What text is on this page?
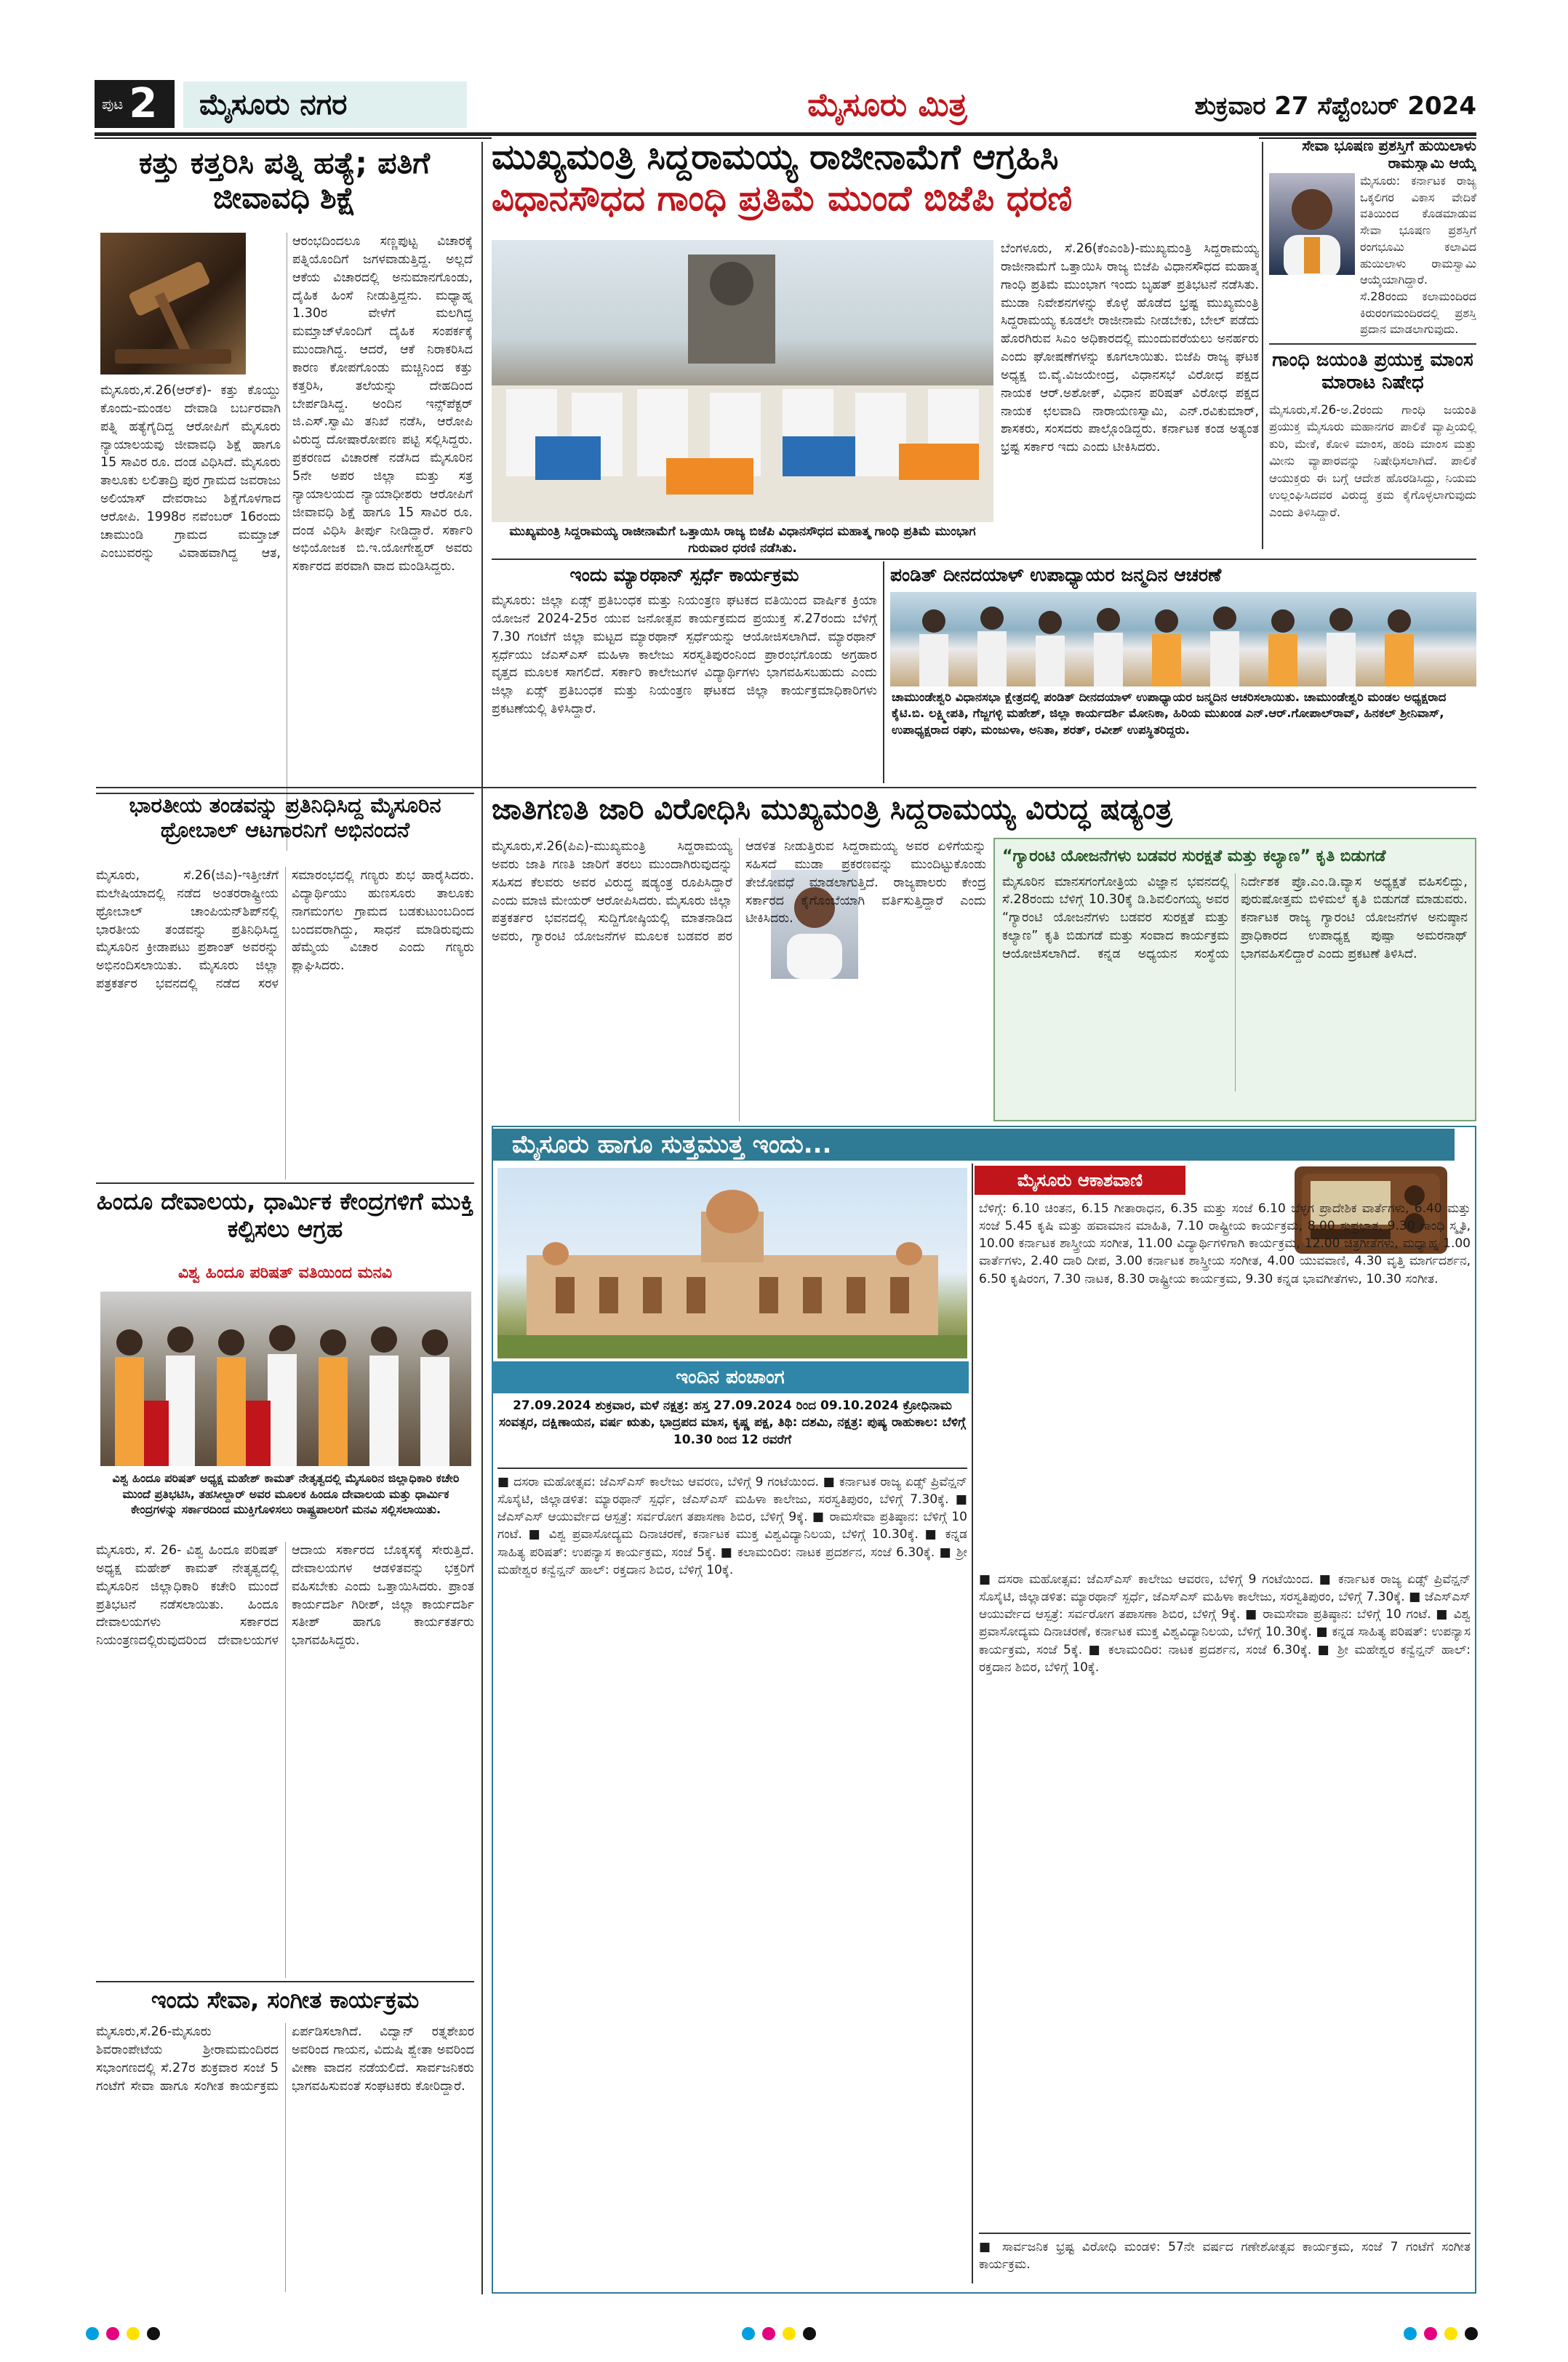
ಪುಟ 2	ಮೈಸೂರು ನಗರ	ಮೈಸೂರು ಮಿತ್ರ	ಶುಕ್ರವಾರ 27 ಸೆಪ್ಟೆಂಬರ್ 2024
ಕತ್ತು ಕತ್ತರಿಸಿ ಪತ್ನಿ ಹತ್ಯೆ; ಪತಿಗೆ ಜೀವಾವಧಿ ಶಿಕ್ಷೆ
ಮೈಸೂರು,ಸೆ.26(ಆರ್‌ಕೆ)- ಕತ್ತು ಕೊಯ್ದು ಕೊಂದು-ಮಂಡಲ ದೇವಾಡಿ ಬರ್ಬರವಾಗಿ ಪತ್ನಿ ಹತ್ಯೆಗೈದಿದ್ದ ಆರೋಪಿಗೆ ಮೈಸೂರು ನ್ಯಾಯಾಲಯವು ಜೀವಾವಧಿ ಶಿಕ್ಷೆ ಹಾಗೂ 15 ಸಾವಿರ ರೂ. ದಂಡ ವಿಧಿಸಿದೆ. ಮೈಸೂರು ತಾಲೂಕು ಲಲಿತಾದ್ರಿ ಪುರ ಗ್ರಾಮದ ಜವರಾಜು ಅಲಿಯಾಸ್ ದೇವರಾಜು ಶಿಕ್ಷೆಗೊಳಗಾದ ಆರೋಪಿ. 1998ರ ನವೆಂಬರ್ 16ರಂದು ಚಾಮುಂಡಿ ಗ್ರಾಮದ ಮಮ್ತಾಜ್ ಎಂಬುವರನ್ನು ವಿವಾಹವಾಗಿದ್ದ ಆತ, ಆರಂಭದಿಂದಲೂ ಸಣ್ಣಪುಟ್ಟ ವಿಚಾರಕ್ಕೆ ಪತ್ನಿಯೊಂದಿಗೆ ಜಗಳವಾಡುತ್ತಿದ್ದ. ಅಲ್ಲದೆ ಆಕೆಯ ವಿಚಾರದಲ್ಲಿ ಅನುಮಾನಗೊಂಡು, ದೈಹಿಕ ಹಿಂಸೆ ನೀಡುತ್ತಿದ್ದನು. ಮಧ್ಯಾಹ್ನ 1.30ರ ವೇಳೆಗೆ ಮಲಗಿದ್ದ ಮಮ್ತಾಜ್‌ಳೊಂದಿಗೆ ದೈಹಿಕ ಸಂಪರ್ಕಕ್ಕೆ ಮುಂದಾಗಿದ್ದ. ಆದರೆ, ಆಕೆ ನಿರಾಕರಿಸಿದ ಕಾರಣ ಕೋಪಗೊಂಡು ಮಚ್ಚಿನಿಂದ ಕತ್ತು ಕತ್ತರಿಸಿ, ತಲೆಯನ್ನು ದೇಹದಿಂದ ಬೇರ್ಪಡಿಸಿದ್ದ. ಅಂದಿನ ಇನ್ಸ್‌ಪೆಕ್ಟರ್ ಜಿ.ಎಸ್.ಸ್ವಾಮಿ ತನಿಖೆ ನಡೆಸಿ, ಆರೋಪಿ ವಿರುದ್ಧ ದೋಷಾರೋಪಣ ಪಟ್ಟಿ ಸಲ್ಲಿಸಿದ್ದರು. ಪ್ರಕರಣದ ವಿಚಾರಣೆ ನಡೆಸಿದ ಮೈಸೂರಿನ 5ನೇ ಅಪರ ಜಿಲ್ಲಾ ಮತ್ತು ಸತ್ರ ನ್ಯಾಯಾಲಯದ ನ್ಯಾಯಾಧೀಶರು ಆರೋಪಿಗೆ ಜೀವಾವಧಿ ಶಿಕ್ಷೆ ಹಾಗೂ 15 ಸಾವಿರ ರೂ. ದಂಡ ವಿಧಿಸಿ ತೀರ್ಪು ನೀಡಿದ್ದಾರೆ. ಸರ್ಕಾರಿ ಅಭಿಯೋಜಕ ಬಿ.ಇ.ಯೋಗೇಶ್ವರ್ ಅವರು ಸರ್ಕಾರದ ಪರವಾಗಿ ವಾದ ಮಂಡಿಸಿದ್ದರು.
ಮುಖ್ಯಮಂತ್ರಿ ಸಿದ್ದರಾಮಯ್ಯ ರಾಜೀನಾಮೆಗೆ ಆಗ್ರಹಿಸಿ
ವಿಧಾನಸೌಧದ ಗಾಂಧಿ ಪ್ರತಿಮೆ ಮುಂದೆ ಬಿಜೆಪಿ ಧರಣಿ
ಮುಖ್ಯಮಂತ್ರಿ ಸಿದ್ದರಾಮಯ್ಯ ರಾಜೀನಾಮೆಗೆ ಒತ್ತಾಯಿಸಿ ರಾಜ್ಯ ಬಿಜೆಪಿ ವಿಧಾನಸೌಧದ ಮಹಾತ್ಮ ಗಾಂಧಿ ಪ್ರತಿಮೆ ಮುಂಭಾಗ ಗುರುವಾರ ಧರಣಿ ನಡೆಸಿತು.
ಬೆಂಗಳೂರು, ಸೆ.26(ಕೆಂಎಂಶಿ)-ಮುಖ್ಯಮಂತ್ರಿ ಸಿದ್ದರಾಮಯ್ಯ ರಾಜೀನಾಮೆಗೆ ಒತ್ತಾಯಿಸಿ ರಾಜ್ಯ ಬಿಜೆಪಿ ವಿಧಾನಸೌಧದ ಮಹಾತ್ಮ ಗಾಂಧಿ ಪ್ರತಿಮೆ ಮುಂಭಾಗ ಇಂದು ಬೃಹತ್ ಪ್ರತಿಭಟನೆ ನಡೆಸಿತು. ಮುಡಾ ನಿವೇಶನಗಳನ್ನು ಕೊಳ್ಳೆ ಹೊಡೆದ ಭ್ರಷ್ಟ ಮುಖ್ಯಮಂತ್ರಿ ಸಿದ್ದರಾಮಯ್ಯ ಕೂಡಲೇ ರಾಜೀನಾಮೆ ನೀಡಬೇಕು, ಬೇಲ್ ಪಡೆದು ಹೊರಗಿರುವ ಸಿಎಂ ಅಧಿಕಾರದಲ್ಲಿ ಮುಂದುವರೆಯಲು ಅನರ್ಹರು ಎಂದು ಘೋಷಣೆಗಳನ್ನು ಕೂಗಲಾಯಿತು. ಬಿಜೆಪಿ ರಾಜ್ಯ ಘಟಕ ಅಧ್ಯಕ್ಷ ಬಿ.ವೈ.ವಿಜಯೇಂದ್ರ, ವಿಧಾನಸಭೆ ವಿರೋಧ ಪಕ್ಷದ ನಾಯಕ ಆರ್.ಅಶೋಕ್, ವಿಧಾನ ಪರಿಷತ್ ವಿರೋಧ ಪಕ್ಷದ ನಾಯಕ ಛಲವಾದಿ ನಾರಾಯಣಸ್ವಾಮಿ, ಎನ್.ರವಿಕುಮಾರ್, ಶಾಸಕರು, ಸಂಸದರು ಪಾಲ್ಗೊಂಡಿದ್ದರು. ಕರ್ನಾಟಕ ಕಂಡ ಅತ್ಯಂತ ಭ್ರಷ್ಟ ಸರ್ಕಾರ ಇದು ಎಂದು ಟೀಕಿಸಿದರು.
ಸೇವಾ ಭೂಷಣ ಪ್ರಶಸ್ತಿಗೆ ಹುಯಿಲಾಳು ರಾಮಸ್ವಾಮಿ ಆಯ್ಕೆ
ಮೈಸೂರು: ಕರ್ನಾಟಕ ರಾಜ್ಯ ಒಕ್ಕಲಿಗರ ವಿಕಾಸ ವೇದಿಕೆ ವತಿಯಿಂದ ಕೊಡಮಾಡುವ ಸೇವಾ ಭೂಷಣ ಪ್ರಶಸ್ತಿಗೆ ರಂಗಭೂಮಿ ಕಲಾವಿದ ಹುಯಿಲಾಳು ರಾಮಸ್ವಾಮಿ ಆಯ್ಕೆಯಾಗಿದ್ದಾರೆ. ಸೆ.28ರಂದು ಕಲಾಮಂದಿರದ ಕಿರುರಂಗಮಂದಿರದಲ್ಲಿ ಪ್ರಶಸ್ತಿ ಪ್ರದಾನ ಮಾಡಲಾಗುವುದು.
ಗಾಂಧಿ ಜಯಂತಿ ಪ್ರಯುಕ್ತ ಮಾಂಸ ಮಾರಾಟ ನಿಷೇಧ
ಮೈಸೂರು,ಸೆ.26-ಅ.2ರಂದು ಗಾಂಧಿ ಜಯಂತಿ ಪ್ರಯುಕ್ತ ಮೈಸೂರು ಮಹಾನಗರ ಪಾಲಿಕೆ ವ್ಯಾಪ್ತಿಯಲ್ಲಿ ಕುರಿ, ಮೇಕೆ, ಕೋಳಿ ಮಾಂಸ, ಹಂದಿ ಮಾಂಸ ಮತ್ತು ಮೀನು ವ್ಯಾಪಾರವನ್ನು ನಿಷೇಧಿಸಲಾಗಿದೆ. ಪಾಲಿಕೆ ಆಯುಕ್ತರು ಈ ಬಗ್ಗೆ ಆದೇಶ ಹೊರಡಿಸಿದ್ದು, ನಿಯಮ ಉಲ್ಲಂಘಿಸಿದವರ ವಿರುದ್ಧ ಕ್ರಮ ಕೈಗೊಳ್ಳಲಾಗುವುದು ಎಂದು ತಿಳಿಸಿದ್ದಾರೆ.
ಇಂದು ಮ್ಯಾರಥಾನ್ ಸ್ಪರ್ಧೆ ಕಾರ್ಯಕ್ರಮ
ಮೈಸೂರು: ಜಿಲ್ಲಾ ಏಡ್ಸ್ ಪ್ರತಿಬಂಧಕ ಮತ್ತು ನಿಯಂತ್ರಣ ಘಟಕದ ವತಿಯಿಂದ ವಾರ್ಷಿಕ ಕ್ರಿಯಾ ಯೋಜನೆ 2024-25ರ ಯುವ ಜನೋತ್ಸವ ಕಾರ್ಯಕ್ರಮದ ಪ್ರಯುಕ್ತ ಸೆ.27ರಂದು ಬೆಳಿಗ್ಗೆ 7.30 ಗಂಟೆಗೆ ಜಿಲ್ಲಾ ಮಟ್ಟದ ಮ್ಯಾರಥಾನ್ ಸ್ಪರ್ಧೆಯನ್ನು ಆಯೋಜಿಸಲಾಗಿದೆ. ಮ್ಯಾರಥಾನ್ ಸ್ಪರ್ಧೆಯು ಜೆಎಸ್‌ಎಸ್ ಮಹಿಳಾ ಕಾಲೇಜು ಸರಸ್ವತಿಪುರಂನಿಂದ ಪ್ರಾರಂಭಗೊಂಡು ಅಗ್ರಹಾರ ವೃತ್ತದ ಮೂಲಕ ಸಾಗಲಿದೆ. ಸರ್ಕಾರಿ ಕಾಲೇಜುಗಳ ವಿದ್ಯಾರ್ಥಿಗಳು ಭಾಗವಹಿಸಬಹುದು ಎಂದು ಜಿಲ್ಲಾ ಏಡ್ಸ್ ಪ್ರತಿಬಂಧಕ ಮತ್ತು ನಿಯಂತ್ರಣ ಘಟಕದ ಜಿಲ್ಲಾ ಕಾರ್ಯಕ್ರಮಾಧಿಕಾರಿಗಳು ಪ್ರಕಟಣೆಯಲ್ಲಿ ತಿಳಿಸಿದ್ದಾರೆ.
ಪಂಡಿತ್ ದೀನದಯಾಳ್ ಉಪಾಧ್ಯಾಯರ ಜನ್ಮದಿನ ಆಚರಣೆ
ಚಾಮುಂಡೇಶ್ವರಿ ವಿಧಾನಸಭಾ ಕ್ಷೇತ್ರದಲ್ಲಿ ಪಂಡಿತ್ ದೀನದಯಾಳ್ ಉಪಾಧ್ಯಾಯರ ಜನ್ಮದಿನ ಆಚರಿಸಲಾಯಿತು. ಚಾಮುಂಡೇಶ್ವರಿ ಮಂಡಲ ಅಧ್ಯಕ್ಷರಾದ ಕೈಟಿ.ಬಿ. ಲಕ್ಷ್ಮೀಪತಿ, ಗೆಜ್ಜಗಳ್ಳಿ ಮಹೇಶ್, ಜಿಲ್ಲಾ ಕಾರ್ಯದರ್ಶಿ ಮೋನಿಕಾ, ಹಿರಿಯ ಮುಖಂಡ ಎನ್.ಆರ್.ಗೋಪಾಲ್‌ರಾವ್, ಹಿನಕಲ್ ಶ್ರೀನಿವಾಸ್, ಉಪಾಧ್ಯಕ್ಷರಾದ ರಘು, ಮಂಜುಳಾ, ಅನಿತಾ, ಶರತ್, ರವೀಶ್ ಉಪಸ್ಥಿತರಿದ್ದರು.
ಭಾರತೀಯ ತಂಡವನ್ನು ಪ್ರತಿನಿಧಿಸಿದ್ದ ಮೈಸೂರಿನ ಥ್ರೋಬಾಲ್ ಆಟಗಾರನಿಗೆ ಅಭಿನಂದನೆ
ಮೈಸೂರು, ಸೆ.26(ಜಿಎ)-ಇತ್ತೀಚೆಗೆ ಮಲೇಷಿಯಾದಲ್ಲಿ ನಡೆದ ಅಂತರರಾಷ್ಟ್ರೀಯ ಥ್ರೋಬಾಲ್ ಚಾಂಪಿಯನ್‌ಶಿಪ್‌ನಲ್ಲಿ ಭಾರತೀಯ ತಂಡವನ್ನು ಪ್ರತಿನಿಧಿಸಿದ್ದ ಮೈಸೂರಿನ ಕ್ರೀಡಾಪಟು ಪ್ರಶಾಂತ್ ಅವರನ್ನು ಅಭಿನಂದಿಸಲಾಯಿತು. ಮೈಸೂರು ಜಿಲ್ಲಾ ಪತ್ರಕರ್ತರ ಭವನದಲ್ಲಿ ನಡೆದ ಸರಳ ಸಮಾರಂಭದಲ್ಲಿ ಗಣ್ಯರು ಶುಭ ಹಾರೈಸಿದರು. ವಿದ್ಯಾರ್ಥಿಯು ಹುಣಸೂರು ತಾಲೂಕು ನಾಗಮಂಗಲ ಗ್ರಾಮದ ಬಡಕುಟುಂಬದಿಂದ ಬಂದವರಾಗಿದ್ದು, ಸಾಧನೆ ಮಾಡಿರುವುದು ಹೆಮ್ಮೆಯ ವಿಚಾರ ಎಂದು ಗಣ್ಯರು ಶ್ಲಾಘಿಸಿದರು.
ಹಿಂದೂ ದೇವಾಲಯ, ಧಾರ್ಮಿಕ ಕೇಂದ್ರಗಳಿಗೆ ಮುಕ್ತಿ ಕಲ್ಪಿಸಲು ಆಗ್ರಹ
ವಿಶ್ವ ಹಿಂದೂ ಪರಿಷತ್ ವತಿಯಿಂದ ಮನವಿ
ವಿಶ್ವ ಹಿಂದೂ ಪರಿಷತ್ ಅಧ್ಯಕ್ಷ ಮಹೇಶ್ ಕಾಮತ್ ನೇತೃತ್ವದಲ್ಲಿ ಮೈಸೂರಿನ ಜಿಲ್ಲಾಧಿಕಾರಿ ಕಚೇರಿ ಮುಂದೆ ಪ್ರತಿಭಟಿಸಿ, ತಹಸೀಲ್ದಾರ್ ಅವರ ಮೂಲಕ ಹಿಂದೂ ದೇವಾಲಯ ಮತ್ತು ಧಾರ್ಮಿಕ ಕೇಂದ್ರಗಳನ್ನು ಸರ್ಕಾರದಿಂದ ಮುಕ್ತಿಗೊಳಿಸಲು ರಾಷ್ಟ್ರಪಾಲರಿಗೆ ಮನವಿ ಸಲ್ಲಿಸಲಾಯಿತು.
ಮೈಸೂರು, ಸೆ. 26- ವಿಶ್ವ ಹಿಂದೂ ಪರಿಷತ್ ಅಧ್ಯಕ್ಷ ಮಹೇಶ್ ಕಾಮತ್ ನೇತೃತ್ವದಲ್ಲಿ ಮೈಸೂರಿನ ಜಿಲ್ಲಾಧಿಕಾರಿ ಕಚೇರಿ ಮುಂದೆ ಪ್ರತಿಭಟನೆ ನಡೆಸಲಾಯಿತು. ಹಿಂದೂ ದೇವಾಲಯಗಳು ಸರ್ಕಾರದ ನಿಯಂತ್ರಣದಲ್ಲಿರುವುದರಿಂದ ದೇವಾಲಯಗಳ ಆದಾಯ ಸರ್ಕಾರದ ಬೊಕ್ಕಸಕ್ಕೆ ಸೇರುತ್ತಿದೆ. ದೇವಾಲಯಗಳ ಆಡಳಿತವನ್ನು ಭಕ್ತರಿಗೆ ವಹಿಸಬೇಕು ಎಂದು ಒತ್ತಾಯಿಸಿದರು. ಪ್ರಾಂತ ಕಾರ್ಯದರ್ಶಿ ಗಿರೀಶ್, ಜಿಲ್ಲಾ ಕಾರ್ಯದರ್ಶಿ ಸತೀಶ್ ಹಾಗೂ ಕಾರ್ಯಕರ್ತರು ಭಾಗವಹಿಸಿದ್ದರು.
ಇಂದು ಸೇವಾ, ಸಂಗೀತ ಕಾರ್ಯಕ್ರಮ
ಮೈಸೂರು,ಸೆ.26-ಮೈಸೂರು ಶಿವರಾಂಪೇಟೆಯ ಶ್ರೀರಾಮಮಂದಿರದ ಸಭಾಂಗಣದಲ್ಲಿ ಸೆ.27ರ ಶುಕ್ರವಾರ ಸಂಜೆ 5 ಗಂಟೆಗೆ ಸೇವಾ ಹಾಗೂ ಸಂಗೀತ ಕಾರ್ಯಕ್ರಮ ಏರ್ಪಡಿಸಲಾಗಿದೆ. ವಿದ್ವಾನ್ ರತ್ನಶೇಖರ ಅವರಿಂದ ಗಾಯನ, ವಿದುಷಿ ಶ್ವೇತಾ ಅವರಿಂದ ವೀಣಾ ವಾದನ ನಡೆಯಲಿದೆ. ಸಾರ್ವಜನಿಕರು ಭಾಗವಹಿಸುವಂತೆ ಸಂಘಟಕರು ಕೋರಿದ್ದಾರೆ.
ಜಾತಿಗಣತಿ ಜಾರಿ ವಿರೋಧಿಸಿ ಮುಖ್ಯಮಂತ್ರಿ ಸಿದ್ದರಾಮಯ್ಯ ವಿರುದ್ಧ ಷಡ್ಯಂತ್ರ
ಮೈಸೂರು,ಸೆ.26(ಪಿಎ)-ಮುಖ್ಯಮಂತ್ರಿ ಸಿದ್ದರಾಮಯ್ಯ ಅವರು ಜಾತಿ ಗಣತಿ ಜಾರಿಗೆ ತರಲು ಮುಂದಾಗಿರುವುದನ್ನು ಸಹಿಸದ ಕೆಲವರು ಅವರ ವಿರುದ್ಧ ಷಡ್ಯಂತ್ರ ರೂಪಿಸಿದ್ದಾರೆ ಎಂದು ಮಾಜಿ ಮೇಯರ್ ಆರೋಪಿಸಿದರು. ಮೈಸೂರು ಜಿಲ್ಲಾ ಪತ್ರಕರ್ತರ ಭವನದಲ್ಲಿ ಸುದ್ದಿಗೋಷ್ಠಿಯಲ್ಲಿ ಮಾತನಾಡಿದ ಅವರು, ಗ್ಯಾರಂಟಿ ಯೋಜನೆಗಳ ಮೂಲಕ ಬಡವರ ಪರ ಆಡಳಿತ ನೀಡುತ್ತಿರುವ ಸಿದ್ದರಾಮಯ್ಯ ಅವರ ಏಳಿಗೆಯನ್ನು ಸಹಿಸದೆ ಮುಡಾ ಪ್ರಕರಣವನ್ನು ಮುಂದಿಟ್ಟುಕೊಂಡು ತೇಜೋವಧೆ ಮಾಡಲಾಗುತ್ತಿದೆ. ರಾಜ್ಯಪಾಲರು ಕೇಂದ್ರ ಸರ್ಕಾರದ ಕೈಗೊಂಬೆಯಾಗಿ ವರ್ತಿಸುತ್ತಿದ್ದಾರೆ ಎಂದು ಟೀಕಿಸಿದರು.
“ಗ್ಯಾರಂಟಿ ಯೋಜನೆಗಳು ಬಡವರ ಸುರಕ್ಷತೆ ಮತ್ತು ಕಲ್ಯಾಣ” ಕೃತಿ ಬಿಡುಗಡೆ
ಮೈಸೂರಿನ ಮಾನಸಗಂಗೋತ್ರಿಯ ವಿಜ್ಞಾನ ಭವನದಲ್ಲಿ ಸೆ.28ರಂದು ಬೆಳಿಗ್ಗೆ 10.30ಕ್ಕೆ ಡಿ.ಶಿವಲಿಂಗಯ್ಯ ಅವರ “ಗ್ಯಾರಂಟಿ ಯೋಜನೆಗಳು ಬಡವರ ಸುರಕ್ಷತೆ ಮತ್ತು ಕಲ್ಯಾಣ” ಕೃತಿ ಬಿಡುಗಡೆ ಮತ್ತು ಸಂವಾದ ಕಾರ್ಯಕ್ರಮ ಆಯೋಜಿಸಲಾಗಿದೆ. ಕನ್ನಡ ಅಧ್ಯಯನ ಸಂಸ್ಥೆಯ ನಿರ್ದೇಶಕ ಪ್ರೊ.ಎಂ.ಡಿ.ವ್ಯಾಸ ಅಧ್ಯಕ್ಷತೆ ವಹಿಸಲಿದ್ದು, ಪುರುಷೋತ್ತಮ ಬಿಳಿಮಲೆ ಕೃತಿ ಬಿಡುಗಡೆ ಮಾಡುವರು. ಕರ್ನಾಟಕ ರಾಜ್ಯ ಗ್ಯಾರಂಟಿ ಯೋಜನೆಗಳ ಅನುಷ್ಠಾನ ಪ್ರಾಧಿಕಾರದ ಉಪಾಧ್ಯಕ್ಷ ಪುಷ್ಪಾ ಅಮರನಾಥ್ ಭಾಗವಹಿಸಲಿದ್ದಾರೆ ಎಂದು ಪ್ರಕಟಣೆ ತಿಳಿಸಿದೆ.
ಮೈಸೂರು ಹಾಗೂ ಸುತ್ತಮುತ್ತ ಇಂದು...
ಇಂದಿನ ಪಂಚಾಂಗ
27.09.2024 ಶುಕ್ರವಾರ, ಮಳೆ ನಕ್ಷತ್ರ: ಹಸ್ತ 27.09.2024 ರಿಂದ 09.10.2024 ಕ್ರೋಧಿನಾಮ ಸಂವತ್ಸರ, ದಕ್ಷಿಣಾಯನ, ವರ್ಷ ಋತು, ಭಾದ್ರಪದ ಮಾಸ, ಕೃಷ್ಣ ಪಕ್ಷ, ತಿಥಿ: ದಶಮಿ, ನಕ್ಷತ್ರ: ಪುಷ್ಯ ರಾಹುಕಾಲ: ಬೆಳಿಗ್ಗೆ 10.30 ರಿಂದ 12 ರವರೆಗೆ
■ ದಸರಾ ಮಹೋತ್ಸವ: ಜೆಎಸ್‌ಎಸ್ ಕಾಲೇಜು ಆವರಣ, ಬೆಳಿಗ್ಗೆ 9 ಗಂಟೆಯಿಂದ. ■ ಕರ್ನಾಟಕ ರಾಜ್ಯ ಏಡ್ಸ್ ಪ್ರಿವೆನ್ಷನ್ ಸೊಸೈಟಿ, ಜಿಲ್ಲಾಡಳಿತ: ಮ್ಯಾರಥಾನ್ ಸ್ಪರ್ಧೆ, ಜೆಎಸ್‌ಎಸ್ ಮಹಿಳಾ ಕಾಲೇಜು, ಸರಸ್ವತಿಪುರಂ, ಬೆಳಿಗ್ಗೆ 7.30ಕ್ಕೆ. ■ ಜೆಎಸ್‌ಎಸ್ ಆಯುರ್ವೇದ ಆಸ್ಪತ್ರೆ: ಸರ್ವರೋಗ ತಪಾಸಣಾ ಶಿಬಿರ, ಬೆಳಿಗ್ಗೆ 9ಕ್ಕೆ. ■ ರಾಮಸೇವಾ ಪ್ರತಿಷ್ಠಾನ: ಬೆಳಿಗ್ಗೆ 10 ಗಂಟೆ. ■ ವಿಶ್ವ ಪ್ರವಾಸೋದ್ಯಮ ದಿನಾಚರಣೆ, ಕರ್ನಾಟಕ ಮುಕ್ತ ವಿಶ್ವವಿದ್ಯಾನಿಲಯ, ಬೆಳಿಗ್ಗೆ 10.30ಕ್ಕೆ. ■ ಕನ್ನಡ ಸಾಹಿತ್ಯ ಪರಿಷತ್: ಉಪನ್ಯಾಸ ಕಾರ್ಯಕ್ರಮ, ಸಂಜೆ 5ಕ್ಕೆ. ■ ಕಲಾಮಂದಿರ: ನಾಟಕ ಪ್ರದರ್ಶನ, ಸಂಜೆ 6.30ಕ್ಕೆ. ■ ಶ್ರೀ ಮಹೇಶ್ವರ ಕನ್ವೆನ್ಷನ್ ಹಾಲ್: ರಕ್ತದಾನ ಶಿಬಿರ, ಬೆಳಿಗ್ಗೆ 10ಕ್ಕೆ.
ಮೈಸೂರು ಆಕಾಶವಾಣಿ
ಬೆಳಿಗ್ಗೆ: 6.10 ಚಿಂತನ, 6.15 ಗೀತಾರಾಧನ, 6.35 ಮತ್ತು ಸಂಜೆ 6.10 ಬೆಳ್ಳಗ ಪ್ರಾದೇಶಿಕ ವಾರ್ತೆಗಳು, 6.40 ಮತ್ತು ಸಂಜೆ 5.45 ಕೃಷಿ ಮತ್ತು ಹವಾಮಾನ ಮಾಹಿತಿ, 7.10 ರಾಷ್ಟ್ರೀಯ ಕಾರ್ಯಕ್ರಮ, 8.00 ಸುಪ್ರಭಾತ, 9.30 ಗಾಂಧಿ ಸ್ಮೃತಿ, 10.00 ಕರ್ನಾಟಕ ಶಾಸ್ತ್ರೀಯ ಸಂಗೀತ, 11.00 ವಿದ್ಯಾರ್ಥಿಗಳಿಗಾಗಿ ಕಾರ್ಯಕ್ರಮ, 12.00 ಚಿತ್ರಗೀತೆಗಳು, ಮಧ್ಯಾಹ್ನ 1.00 ವಾರ್ತೆಗಳು, 2.40 ದಾರಿ ದೀಪ, 3.00 ಕರ್ನಾಟಕ ಶಾಸ್ತ್ರೀಯ ಸಂಗೀತ, 4.00 ಯುವವಾಣಿ, 4.30 ವೃತ್ತಿ ಮಾರ್ಗದರ್ಶನ, 6.50 ಕೃಷಿರಂಗ, 7.30 ನಾಟಕ, 8.30 ರಾಷ್ಟ್ರೀಯ ಕಾರ್ಯಕ್ರಮ, 9.30 ಕನ್ನಡ ಭಾವಗೀತೆಗಳು, 10.30 ಸಂಗೀತ.
■ ದಸರಾ ಮಹೋತ್ಸವ: ಜೆಎಸ್‌ಎಸ್ ಕಾಲೇಜು ಆವರಣ, ಬೆಳಿಗ್ಗೆ 9 ಗಂಟೆಯಿಂದ. ■ ಕರ್ನಾಟಕ ರಾಜ್ಯ ಏಡ್ಸ್ ಪ್ರಿವೆನ್ಷನ್ ಸೊಸೈಟಿ, ಜಿಲ್ಲಾಡಳಿತ: ಮ್ಯಾರಥಾನ್ ಸ್ಪರ್ಧೆ, ಜೆಎಸ್‌ಎಸ್ ಮಹಿಳಾ ಕಾಲೇಜು, ಸರಸ್ವತಿಪುರಂ, ಬೆಳಿಗ್ಗೆ 7.30ಕ್ಕೆ. ■ ಜೆಎಸ್‌ಎಸ್ ಆಯುರ್ವೇದ ಆಸ್ಪತ್ರೆ: ಸರ್ವರೋಗ ತಪಾಸಣಾ ಶಿಬಿರ, ಬೆಳಿಗ್ಗೆ 9ಕ್ಕೆ. ■ ರಾಮಸೇವಾ ಪ್ರತಿಷ್ಠಾನ: ಬೆಳಿಗ್ಗೆ 10 ಗಂಟೆ. ■ ವಿಶ್ವ ಪ್ರವಾಸೋದ್ಯಮ ದಿನಾಚರಣೆ, ಕರ್ನಾಟಕ ಮುಕ್ತ ವಿಶ್ವವಿದ್ಯಾನಿಲಯ, ಬೆಳಿಗ್ಗೆ 10.30ಕ್ಕೆ. ■ ಕನ್ನಡ ಸಾಹಿತ್ಯ ಪರಿಷತ್: ಉಪನ್ಯಾಸ ಕಾರ್ಯಕ್ರಮ, ಸಂಜೆ 5ಕ್ಕೆ. ■ ಕಲಾಮಂದಿರ: ನಾಟಕ ಪ್ರದರ್ಶನ, ಸಂಜೆ 6.30ಕ್ಕೆ. ■ ಶ್ರೀ ಮಹೇಶ್ವರ ಕನ್ವೆನ್ಷನ್ ಹಾಲ್: ರಕ್ತದಾನ ಶಿಬಿರ, ಬೆಳಿಗ್ಗೆ 10ಕ್ಕೆ.
■ ಸಾರ್ವಜನಿಕ ಭ್ರಷ್ಟ ವಿರೋಧಿ ಮಂಡಳಿ: 57ನೇ ವರ್ಷದ ಗಣೇಶೋತ್ಸವ ಕಾರ್ಯಕ್ರಮ, ಸಂಜೆ 7 ಗಂಟೆಗೆ ಸಂಗೀತ ಕಾರ್ಯಕ್ರಮ.
